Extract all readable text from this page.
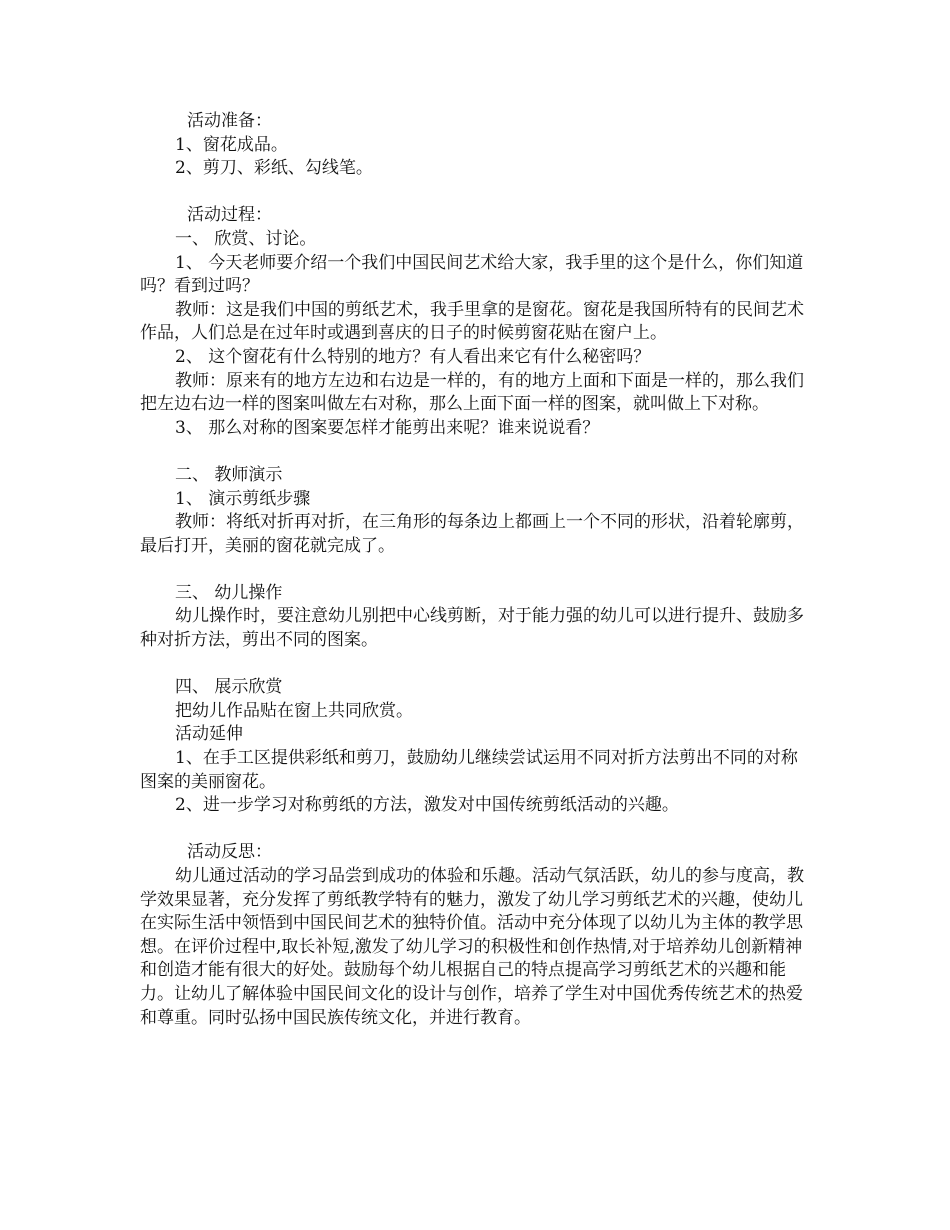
活动准备：

1、窗花成品。

2、剪刀、彩纸、勾线笔。

活动过程：

一、 欣赏、讨论。

1、 今天老师要介绍一个我们中国民间艺术给大家，我手里的这个是什么，你们知道吗？看到过吗？

教师：这是我们中国的剪纸艺术，我手里拿的是窗花。窗花是我国所特有的民间艺术作品，人们总是在过年时或遇到喜庆的日子的时候剪窗花贴在窗户上。

2、 这个窗花有什么特别的地方？有人看出来它有什么秘密吗？

教师：原来有的地方左边和右边是一样的，有的地方上面和下面是一样的，那么我们把左边右边一样的图案叫做左右对称，那么上面下面一样的图案，就叫做上下对称。

3、 那么对称的图案要怎样才能剪出来呢？谁来说说看？

二、 教师演示

1、 演示剪纸步骤

教师：将纸对折再对折，在三角形的每条边上都画上一个不同的形状，沿着轮廓剪，最后打开，美丽的窗花就完成了。

三、 幼儿操作

幼儿操作时，要注意幼儿别把中心线剪断，对于能力强的幼儿可以进行提升、鼓励多种对折方法，剪出不同的图案。

四、 展示欣赏

把幼儿作品贴在窗上共同欣赏。

活动延伸

1、在手工区提供彩纸和剪刀，鼓励幼儿继续尝试运用不同对折方法剪出不同的对称图案的美丽窗花。

2、进一步学习对称剪纸的方法，激发对中国传统剪纸活动的兴趣。

活动反思：

幼儿通过活动的学习品尝到成功的体验和乐趣。活动气氛活跃，幼儿的参与度高，教学效果显著，充分发挥了剪纸教学特有的魅力，激发了幼儿学习剪纸艺术的兴趣，使幼儿在实际生活中领悟到中国民间艺术的独特价值。活动中充分体现了以幼儿为主体的教学思想。在评价过程中,取长补短,激发了幼儿学习的积极性和创作热情,对于培养幼儿创新精神和创造才能有很大的好处。鼓励每个幼儿根据自己的特点提高学习剪纸艺术的兴趣和能力。让幼儿了解体验中国民间文化的设计与创作，培养了学生对中国优秀传统艺术的热爱和尊重。同时弘扬中国民族传统文化，并进行教育。
